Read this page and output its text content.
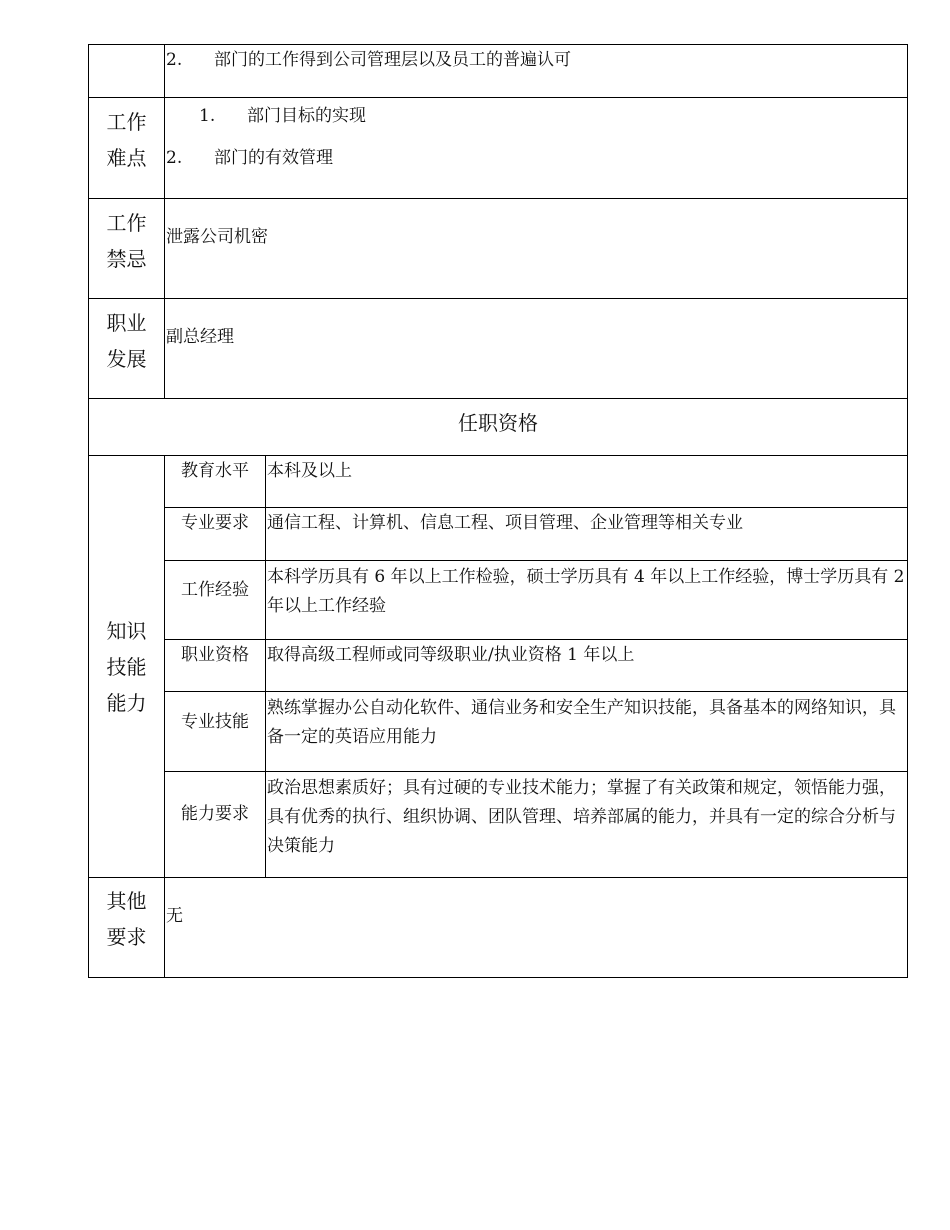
	2. 部门的工作得到公司管理层以及员工的普遍认可	

工作难点	1. 部门目标的实现
2. 部门的有效管理	

工作禁忌	泄露公司机密	

职业发展	副总经理	

任职资格		

知识技能能力	教育水平	本科及以上
	专业要求	通信工程、计算机、信息工程、项目管理、企业管理等相关专业

	工作经验	本科学历具有 6 年以上工作检验，硕士学历具有 4 年以上工作经验，博士学历具有 2 年以上工作经验
	职业资格	取得高级工程师或同等级职业/执业资格 1 年以上

	专业技能	熟练掌握办公自动化软件、通信业务和安全生产知识技能，具备基本的网络知识，具备一定的英语应用能力

	能力要求	政治思想素质好；具有过硬的专业技术能力；掌握了有关政策和规定，领悟能力强，具有优秀的执行、组织协调、团队管理、培养部属的能力，并具有一定的综合分析与决策能力

其他要求	无	
